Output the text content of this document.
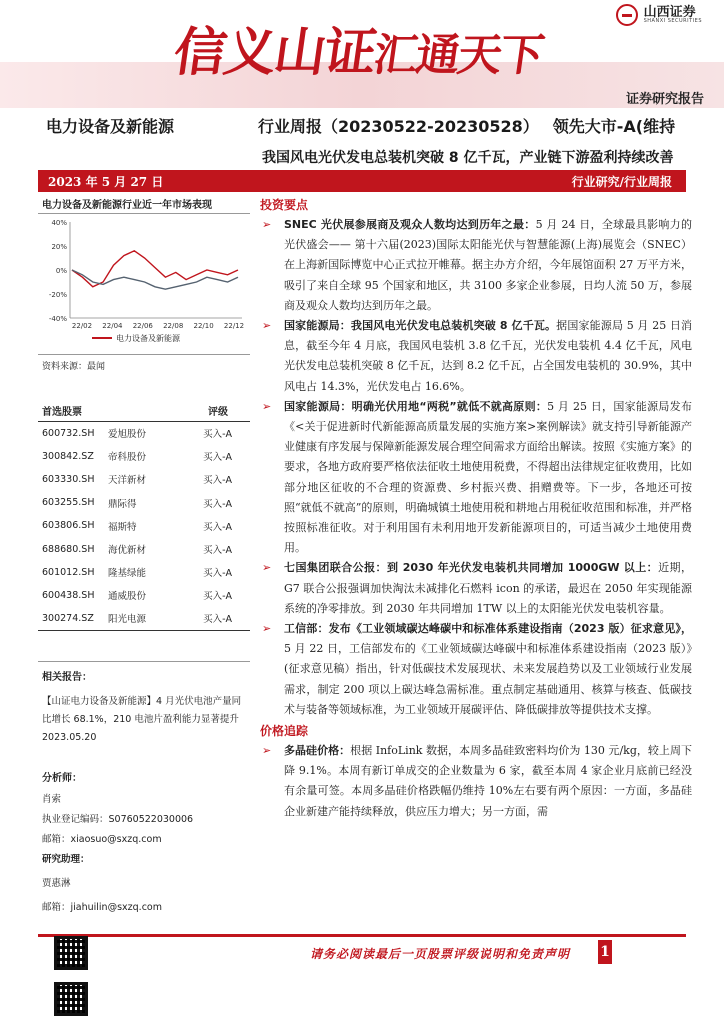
信义山证汇通天下
山西证券
SHANXI SECURITIES
证券研究报告
电力设备及新能源	行业周报（20230522-20230528） 领先大市-A(维持
我国风电光伏发电总装机突破 8 亿千瓦，产业链下游盈利持续改善
2023 年 5 月 27 日	行业研究/行业周报
电力设备及新能源行业近一年市场表现
40%
20%
0%
-20%
-40%
22/02 22/04 22/06 22/08 22/10 22/12
电力设备及新能源
资料来源：最闻
首选股票		评级
600732.SH	爱旭股份	买入-A
300842.SZ	帝科股份	买入-A
603330.SH	天洋新材	买入-A
603255.SH	鼎际得	买入-A
603806.SH	福斯特	买入-A
688680.SH	海优新材	买入-A
601012.SH	隆基绿能	买入-A
600438.SH	通威股份	买入-A
300274.SZ	阳光电源	买入-A
相关报告：
【山证电力设备及新能源】4 月光伏电池产量同比增长 68.1%，210 电池片盈利能力显著提升 2023.05.20
分析师：
肖索
执业登记编码：S0760522030006
邮箱：xiaosuo@sxzq.com
研究助理：
贾惠淋
邮箱：jiahuilin@sxzq.com
投资要点
➢ SNEC 光伏展参展商及观众人数均达到历年之最：5 月 24 日，全球最具影响力的光伏盛会—— 第十六届(2023)国际太阳能光伏与智慧能源(上海)展览会（SNEC）在上海新国际博览中心正式拉开帷幕。据主办方介绍，今年展馆面积 27 万平方米，吸引了来自全球 95 个国家和地区，共 3100 多家企业参展，日均人流 50 万，参展商及观众人数均达到历年之最。
➢ 国家能源局：我国风电光伏发电总装机突破 8 亿千瓦。据国家能源局 5 月 25 日消息，截至今年 4 月底，我国风电装机 3.8 亿千瓦，光伏发电装机 4.4 亿千瓦，风电光伏发电总装机突破 8 亿千瓦，达到 8.2 亿千瓦，占全国发电装机的 30.9%，其中风电占 14.3%，光伏发电占 16.6%。
➢ 国家能源局：明确光伏用地“两税”就低不就高原则：5 月 25 日，国家能源局发布《<关于促进新时代新能源高质量发展的实施方案>案例解读》就支持引导新能源产业健康有序发展与保障新能源发展合理空间需求方面给出解读。按照《实施方案》的要求，各地方政府要严格依法征收土地使用税费，不得超出法律规定征收费用，比如部分地区征收的不合理的资源费、乡村振兴费、捐赠费等。下一步，各地还可按照“就低不就高”的原则，明确城镇土地使用税和耕地占用税征收范围和标准，并严格按照标准征收。对于利用国有未利用地开发新能源项目的，可适当减少土地使用费用。
➢ 七国集团联合公报：到 2030 年光伏发电装机共同增加 1000GW 以上：近期，G7 联合公报强调加快淘汰未减排化石燃料 icon 的承诺，最迟在 2050 年实现能源系统的净零排放。到 2030 年共同增加 1TW 以上的太阳能光伏发电装机容量。
➢ 工信部：发布《工业领域碳达峰碳中和标准体系建设指南（2023 版）征求意见》，5 月 22 日，工信部发布的《工业领域碳达峰碳中和标准体系建设指南（2023 版）》(征求意见稿）指出，针对低碳技术发展现状、未来发展趋势以及工业领域行业发展需求，制定 200 项以上碳达峰急需标准。重点制定基础通用、核算与核查、低碳技术与装备等领域标准，为工业领域开展碳评估、降低碳排放等提供技术支撑。
价格追踪
➢ 多晶硅价格：根据 InfoLink 数据，本周多晶硅致密料均价为 130 元/kg，较上周下降 9.1%。本周有新订单成交的企业数量为 6 家，截至本周 4 家企业月底前已经没有余量可签。本周多晶硅价格跌幅仍维持 10%左右要有两个原因：一方面，多晶硅企业新建产能持续释放，供应压力增大；另一方面，需
请务必阅读最后一页股票评级说明和免责声明 1
